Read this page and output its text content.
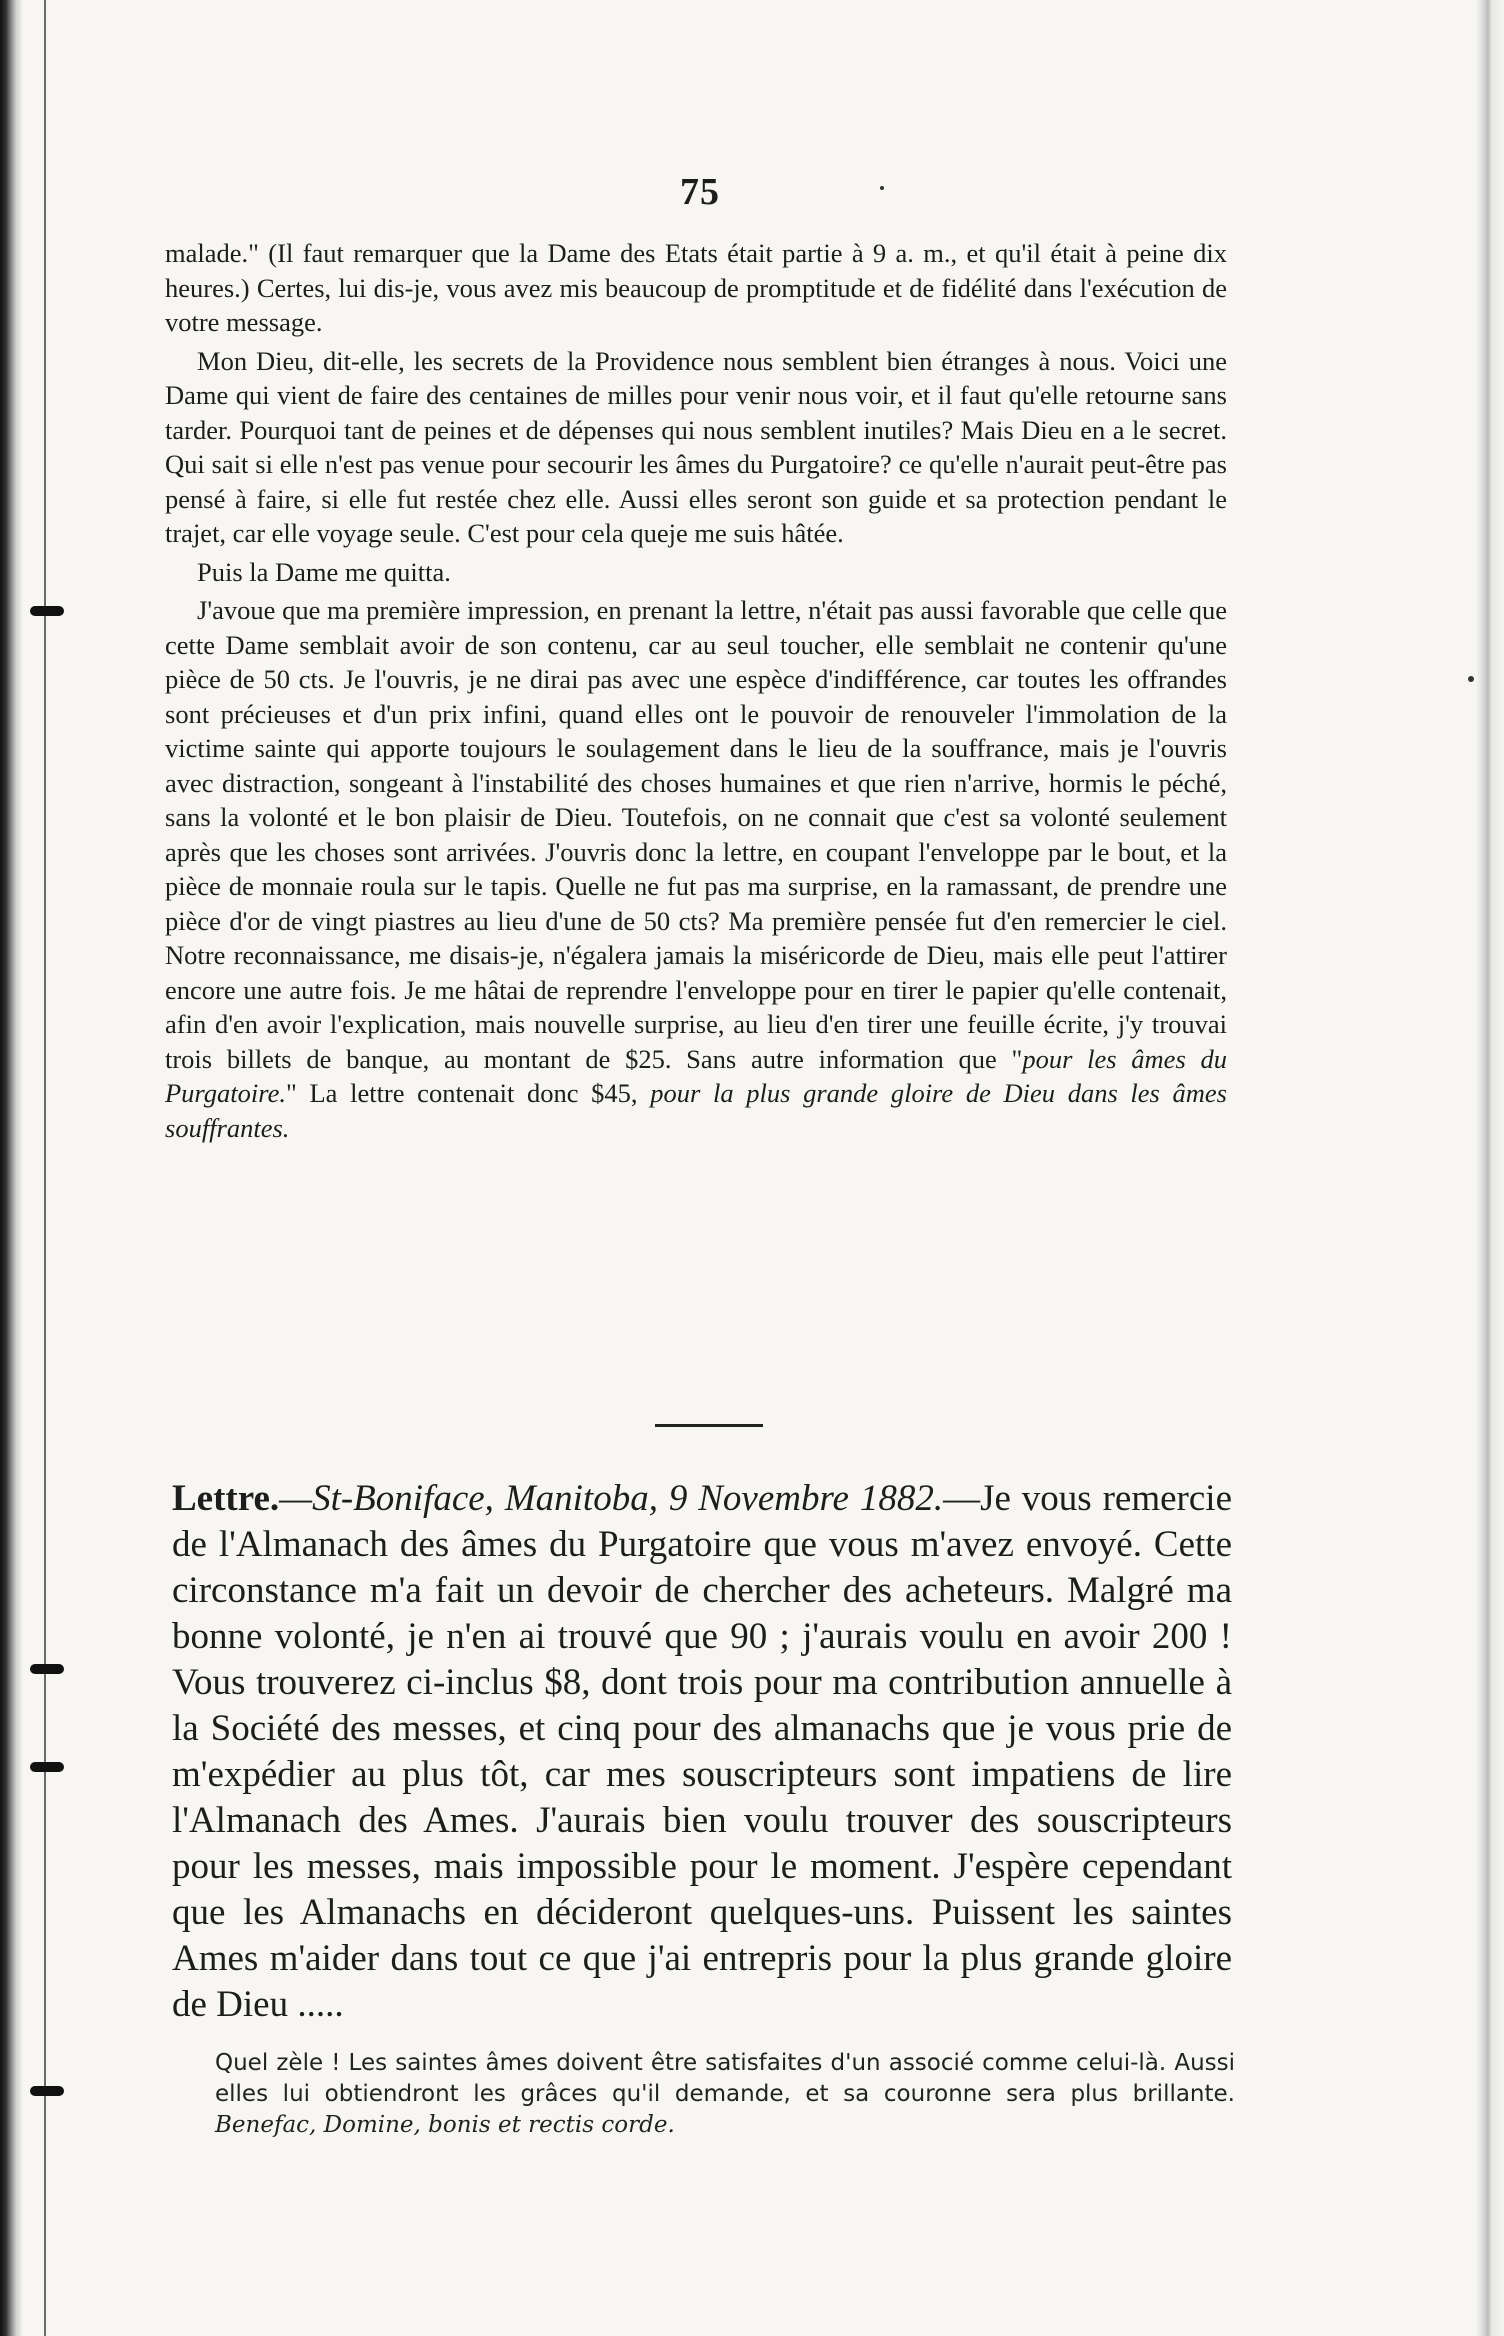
75

malade." (Il faut remarquer que la Dame des Etats était partie à 9 a. m., et qu'il était à peine dix heures.) Certes, lui dis-je, vous avez mis beaucoup de promptitude et de fidélité dans l'exécution de votre message.

Mon Dieu, dit-elle, les secrets de la Providence nous semblent bien étranges à nous. Voici une Dame qui vient de faire des centaines de milles pour venir nous voir, et il faut qu'elle retourne sans tarder. Pourquoi tant de peines et de dépenses qui nous semblent inutiles? Mais Dieu en a le secret. Qui sait si elle n'est pas venue pour secourir les âmes du Purgatoire? ce qu'elle n'aurait peut-être pas pensé à faire, si elle fut restée chez elle. Aussi elles seront son guide et sa protection pendant le trajet, car elle voyage seule. C'est pour cela queje me suis hâtée.

Puis la Dame me quitta.

J'avoue que ma première impression, en prenant la lettre, n'était pas aussi favorable que celle que cette Dame semblait avoir de son contenu, car au seul toucher, elle semblait ne contenir qu'une pièce de 50 cts. Je l'ouvris, je ne dirai pas avec une espèce d'indifférence, car toutes les offrandes sont précieuses et d'un prix infini, quand elles ont le pouvoir de renouveler l'immolation de la victime sainte qui apporte toujours le soulagement dans le lieu de la souffrance, mais je l'ouvris avec distraction, songeant à l'instabilité des choses humaines et que rien n'arrive, hormis le péché, sans la volonté et le bon plaisir de Dieu. Toutefois, on ne connait que c'est sa volonté seulement après que les choses sont arrivées. J'ouvris donc la lettre, en coupant l'enveloppe par le bout, et la pièce de monnaie roula sur le tapis. Quelle ne fut pas ma surprise, en la ramassant, de prendre une pièce d'or de vingt piastres au lieu d'une de 50 cts? Ma première pensée fut d'en remercier le ciel. Notre reconnaissance, me disais-je, n'égalera jamais la miséricorde de Dieu, mais elle peut l'attirer encore une autre fois. Je me hâtai de reprendre l'enveloppe pour en tirer le papier qu'elle contenait, afin d'en avoir l'explication, mais nouvelle surprise, au lieu d'en tirer une feuille écrite, j'y trouvai trois billets de banque, au montant de $25. Sans autre information que "pour les âmes du Purgatoire." La lettre contenait donc $45, pour la plus grande gloire de Dieu dans les âmes souffrantes.

Lettre.—St-Boniface, Manitoba, 9 Novembre 1882.—Je vous remercie de l'Almanach des âmes du Purgatoire que vous m'avez envoyé. Cette circonstance m'a fait un devoir de chercher des acheteurs. Malgré ma bonne volonté, je n'en ai trouvé que 90 ; j'aurais voulu en avoir 200 ! Vous trouverez ci-inclus $8, dont trois pour ma contribution annuelle à la Société des messes, et cinq pour des almanachs que je vous prie de m'expédier au plus tôt, car mes souscripteurs sont impatiens de lire l'Almanach des Ames. J'aurais bien voulu trouver des souscripteurs pour les messes, mais impossible pour le moment. J'espère cependant que les Almanachs en décideront quelques-uns. Puissent les saintes Ames m'aider dans tout ce que j'ai entrepris pour la plus grande gloire de Dieu .....
Quel zèle ! Les saintes âmes doivent être satisfaites d'un associé comme celui-là. Aussi elles lui obtiendront les grâces qu'il demande, et sa couronne sera plus brillante. Benefac, Domine, bonis et rectis corde.
